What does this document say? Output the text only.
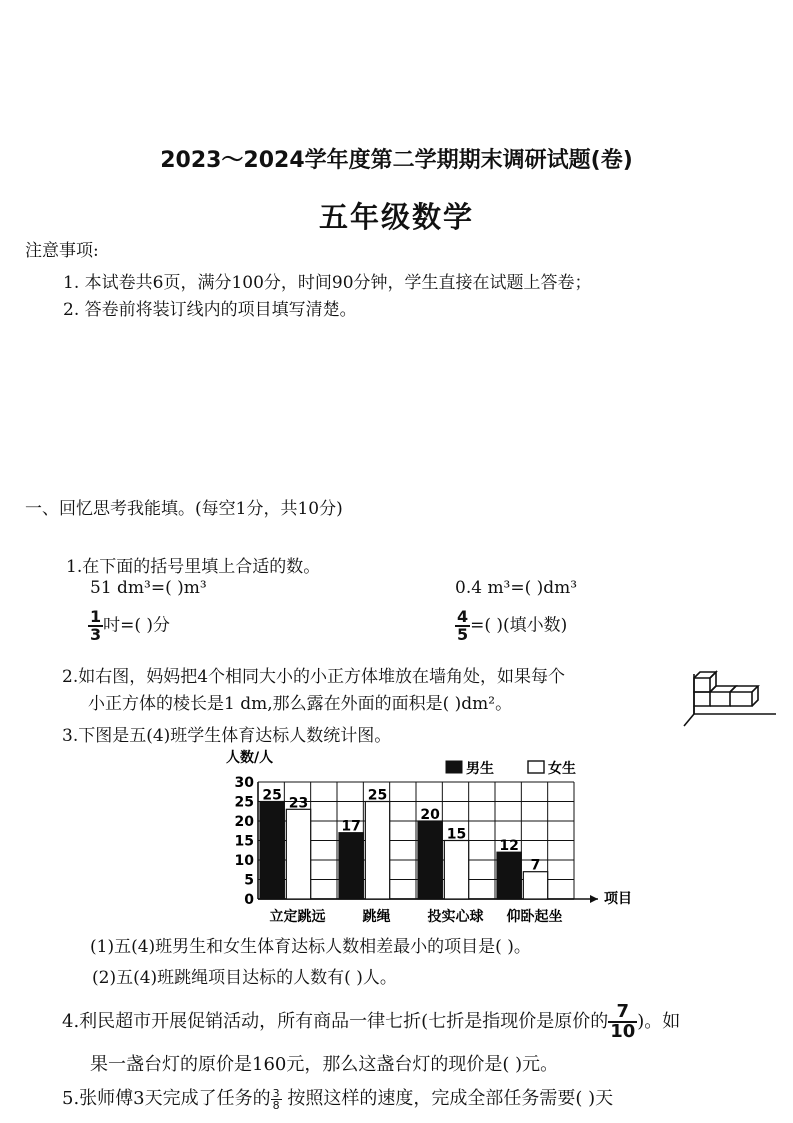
2023～2024学年度第二学期期末调研试题(卷)
五年级数学
注意事项:
1. 本试卷共6页，满分100分，时间90分钟，学生直接在试题上答卷；
2. 答卷前将装订线内的项目填写清楚。
一、回忆思考我能填。(每空1分，共10分)
1.在下面的括号里填上合适的数。
51 dm³=( )m³	0.4 m³=( )dm³
$\frac{1}{3}$ 吋=( )分	$\frac{4}{5}$ =( )(填小数)
2.如右图，妈妈把4个相同大小的小正方体堆放在墙角处，如果每个
小正方体的棱长是1 dm,那么露在外面的面积是( )dm²。
3.下图是五(4)班学生体育达标人数统计图。
0
5
10
15
20
25
30
项目
人数/人
25 23
立定跳远
17
25
跳绳
20
15
投实心球
12
7
仰卧起坐
男生	女生
(1)五(4)班男生和女生体育达标人数相差最小的项目是( )。
(2)五(4)班跳绳项目达标的人数有( )人。
4.利民超市开展促销活动，所有商品一律七折(七折是指现价是原价的 $\frac{7}{10}$ )。如
果一盏台灯的原价是160元，那么这盏台灯的现价是( )元。
5.张师傅3天完成了任务的 $\frac{3}{8}$ 按照这样的速度，完成全部任务需要( )天
